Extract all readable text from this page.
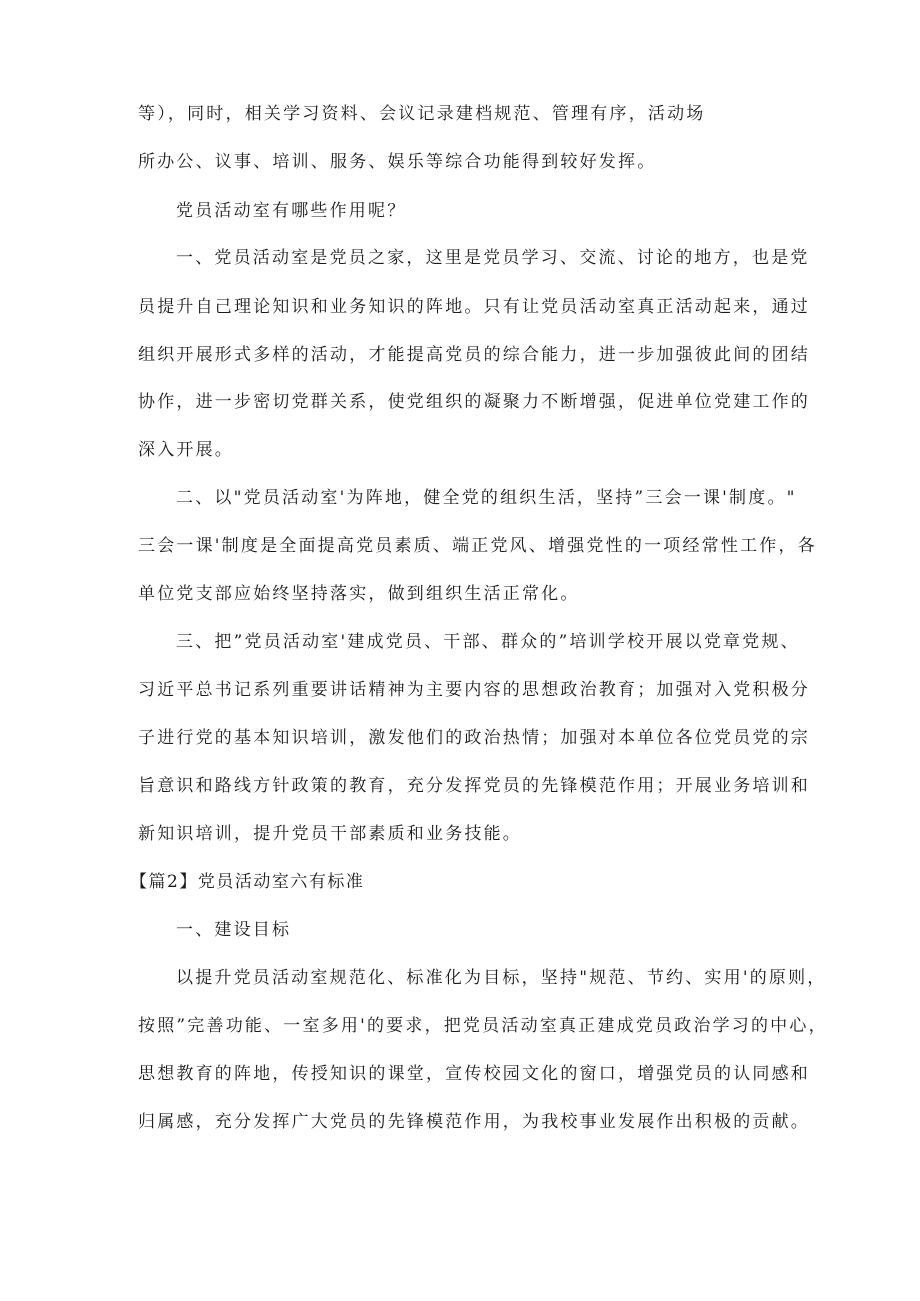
等），同时，相关学习资料、会议记录建档规范、管理有序，活动场
所办公、议事、培训、服务、娱乐等综合功能得到较好发挥。
党员活动室有哪些作用呢？
一、党员活动室是党员之家，这里是党员学习、交流、讨论的地方，也是党
员提升自己理论知识和业务知识的阵地。只有让党员活动室真正活动起来，通过
组织开展形式多样的活动，才能提高党员的综合能力，进一步加强彼此间的团结
协作，进一步密切党群关系，使党组织的凝聚力不断增强，促进单位党建工作的
深入开展。
二、以"党员活动室'为阵地，健全党的组织生活，坚持”三会一课'制度。"
三会一课'制度是全面提高党员素质、端正党风、增强党性的一项经常性工作，各
单位党支部应始终坚持落实，做到组织生活正常化。
三、把”党员活动室'建成党员、干部、群众的”培训学校开展以党章党规、
习近平总书记系列重要讲话精神为主要内容的思想政治教育；加强对入党积极分
子进行党的基本知识培训，激发他们的政治热情；加强对本单位各位党员党的宗
旨意识和路线方针政策的教育，充分发挥党员的先锋模范作用；开展业务培训和
新知识培训，提升党员干部素质和业务技能。
【篇2】党员活动室六有标准
一、建设目标
以提升党员活动室规范化、标准化为目标，坚持"规范、节约、实用'的原则，
按照”完善功能、一室多用'的要求，把党员活动室真正建成党员政治学习的中心，
思想教育的阵地，传授知识的课堂，宣传校园文化的窗口，增强党员的认同感和
归属感，充分发挥广大党员的先锋模范作用，为我校事业发展作出积极的贡献。
